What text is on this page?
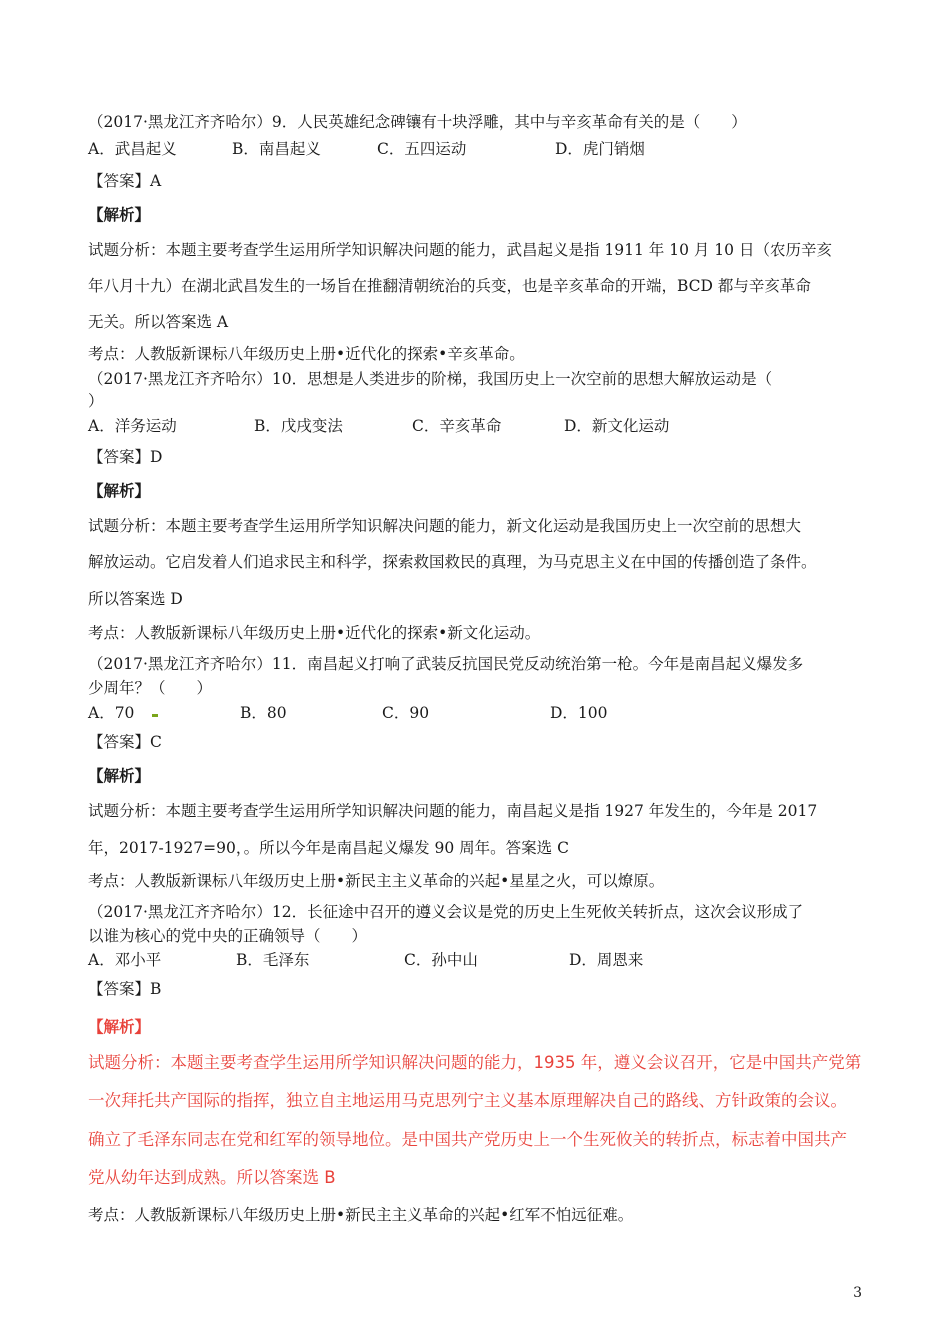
（2017·黑龙江齐齐哈尔）9．人民英雄纪念碑镶有十块浮雕，其中与辛亥革命有关的是（　　）
A．武昌起义	B．南昌起义	C．五四运动	D．虎门销烟
【答案】A
【解析】
试题分析：本题主要考查学生运用所学知识解决问题的能力，武昌起义是指 1911 年 10 月 10 日（农历辛亥
年八月十九）在湖北武昌发生的一场旨在推翻清朝统治的兵变，也是辛亥革命的开端，BCD 都与辛亥革命
无关。所以答案选 A
考点：人教版新课标八年级历史上册•近代化的探索•辛亥革命。
（2017·黑龙江齐齐哈尔）10．思想是人类进步的阶梯，我国历史上一次空前的思想大解放运动是（
）
A．洋务运动	B．戊戌变法	C．辛亥革命	D．新文化运动
【答案】D
【解析】
试题分析：本题主要考查学生运用所学知识解决问题的能力，新文化运动是我国历史上一次空前的思想大
解放运动。它启发着人们追求民主和科学，探索救国救民的真理，为马克思主义在中国的传播创造了条件。
所以答案选 D
考点：人教版新课标八年级历史上册•近代化的探索•新文化运动。
（2017·黑龙江齐齐哈尔）11．南昌起义打响了武装反抗国民党反动统治第一枪。今年是南昌起义爆发多
少周年？（　　）
A．70	B．80	C．90	D．100
【答案】C
【解析】
试题分析：本题主要考查学生运用所学知识解决问题的能力，南昌起义是指 1927 年发生的，今年是 2017
年，2017-1927=90，。所以今年是南昌起义爆发 90 周年。答案选 C
考点：人教版新课标八年级历史上册•新民主主义革命的兴起•星星之火，可以燎原。
（2017·黑龙江齐齐哈尔）12．长征途中召开的遵义会议是党的历史上生死攸关转折点，这次会议形成了
以谁为核心的党中央的正确领导（　　）
A．邓小平	B．毛泽东	C．孙中山	D．周恩来
【答案】B
【解析】
试题分析：本题主要考查学生运用所学知识解决问题的能力，1935 年，遵义会议召开，它是中国共产党第
一次拜托共产国际的指挥，独立自主地运用马克思列宁主义基本原理解决自己的路线、方针政策的会议。
确立了毛泽东同志在党和红军的领导地位。是中国共产党历史上一个生死攸关的转折点，标志着中国共产
党从幼年达到成熟。所以答案选 B
考点：人教版新课标八年级历史上册•新民主主义革命的兴起•红军不怕远征难。
3
